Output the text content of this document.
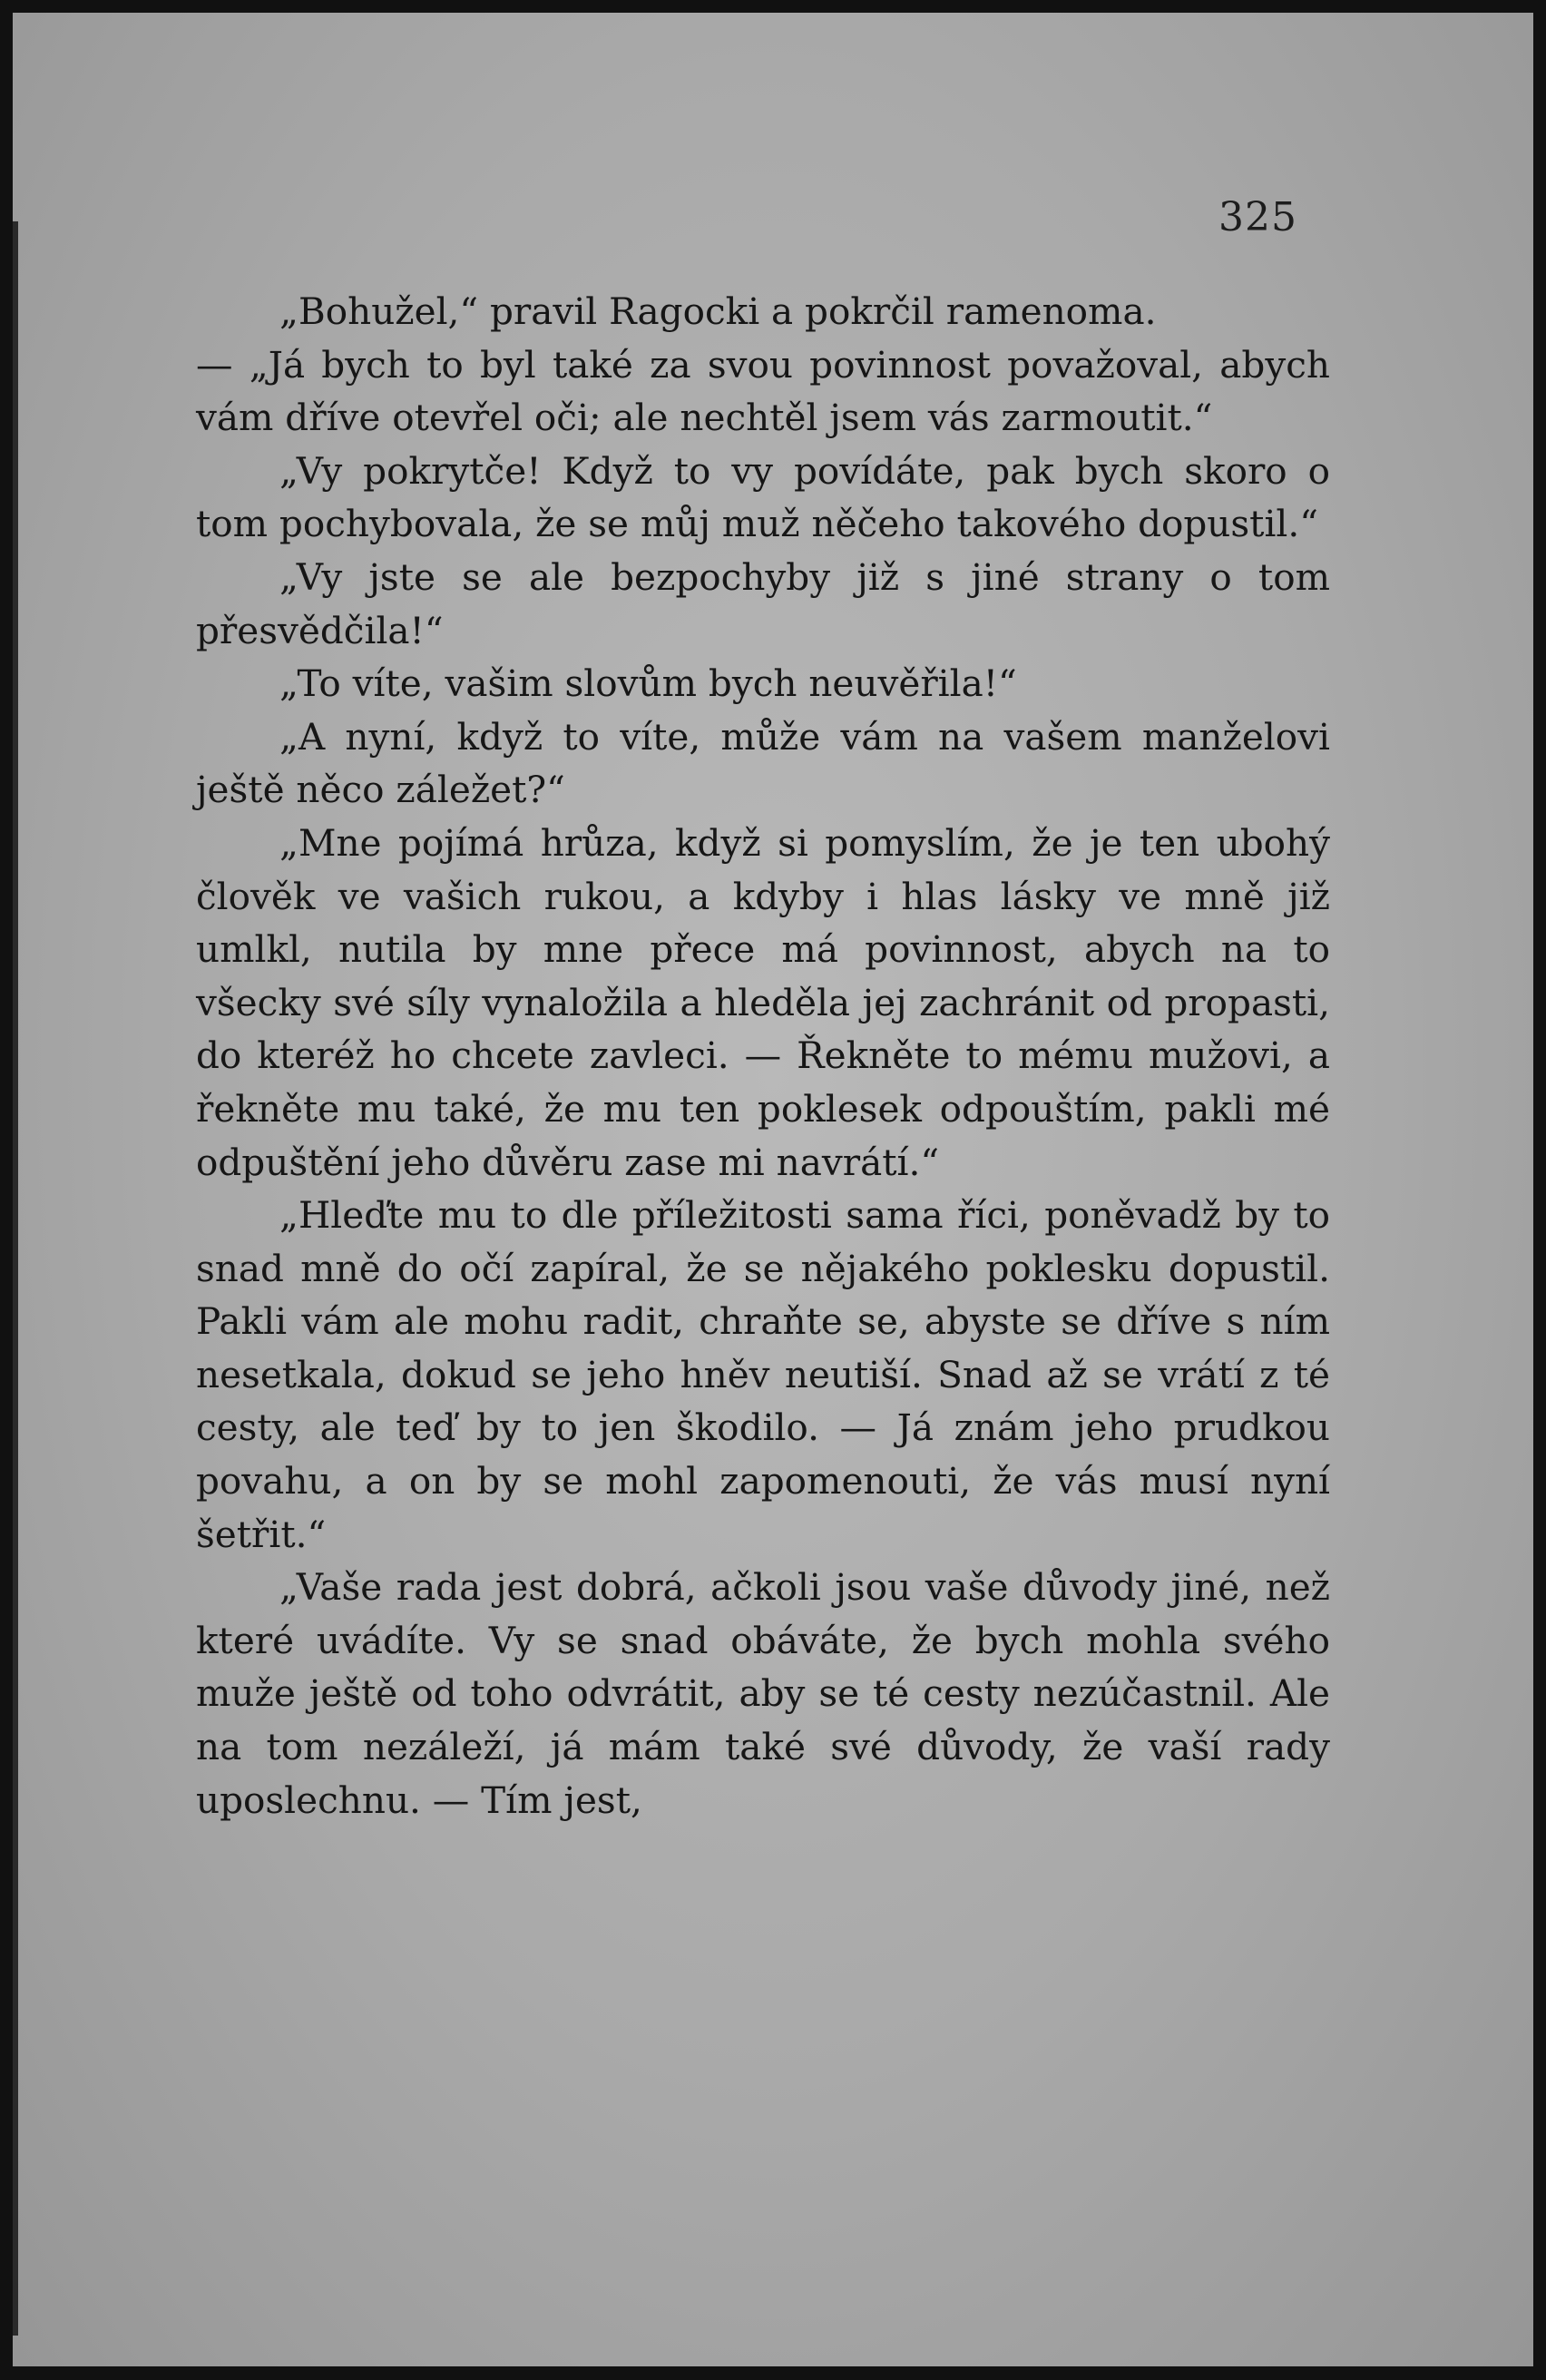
325

„Bohužel,“ pravil Ragocki a pokrčil ramenoma.

— „Já bych to byl také za svou povinnost považoval, abych vám dříve otevřel oči; ale nechtěl jsem vás zarmoutit.“

„Vy pokrytče! Když to vy povídáte, pak bych skoro o tom pochybovala, že se můj muž něčeho takového dopustil.“

„Vy jste se ale bezpochyby již s jiné strany o tom přesvědčila!“

„To víte, vašim slovům bych neuvěřila!“

„A nyní, když to víte, může vám na vašem manželovi ještě něco záležet?“

„Mne pojímá hrůza, když si pomyslím, že je ten ubohý člověk ve vašich rukou, a kdyby i hlas lásky ve mně již umlkl, nutila by mne přece má povinnost, abych na to všecky své síly vynaložila a hleděla jej zachránit od propasti, do kteréž ho chcete zavleci. — Řekněte to mému mužovi, a řekněte mu také, že mu ten poklesek odpouštím, pakli mé odpuštění jeho důvěru zase mi navrátí.“

„Hleďte mu to dle příležitosti sama říci, poněvadž by to snad mně do očí zapíral, že se nějakého poklesku dopustil. Pakli vám ale mohu radit, chraňte se, abyste se dříve s ním nesetkala, dokud se jeho hněv neutiší. Snad až se vrátí z té cesty, ale teď by to jen škodilo. — Já znám jeho prudkou povahu, a on by se mohl zapomenouti, že vás musí nyní šetřit.“

„Vaše rada jest dobrá, ačkoli jsou vaše důvody jiné, než které uvádíte. Vy se snad obáváte, že bych mohla svého muže ještě od toho odvrátit, aby se té cesty nezúčastnil. Ale na tom nezáleží, já mám také své důvody, že vaší rady uposlechnu. — Tím jest,
